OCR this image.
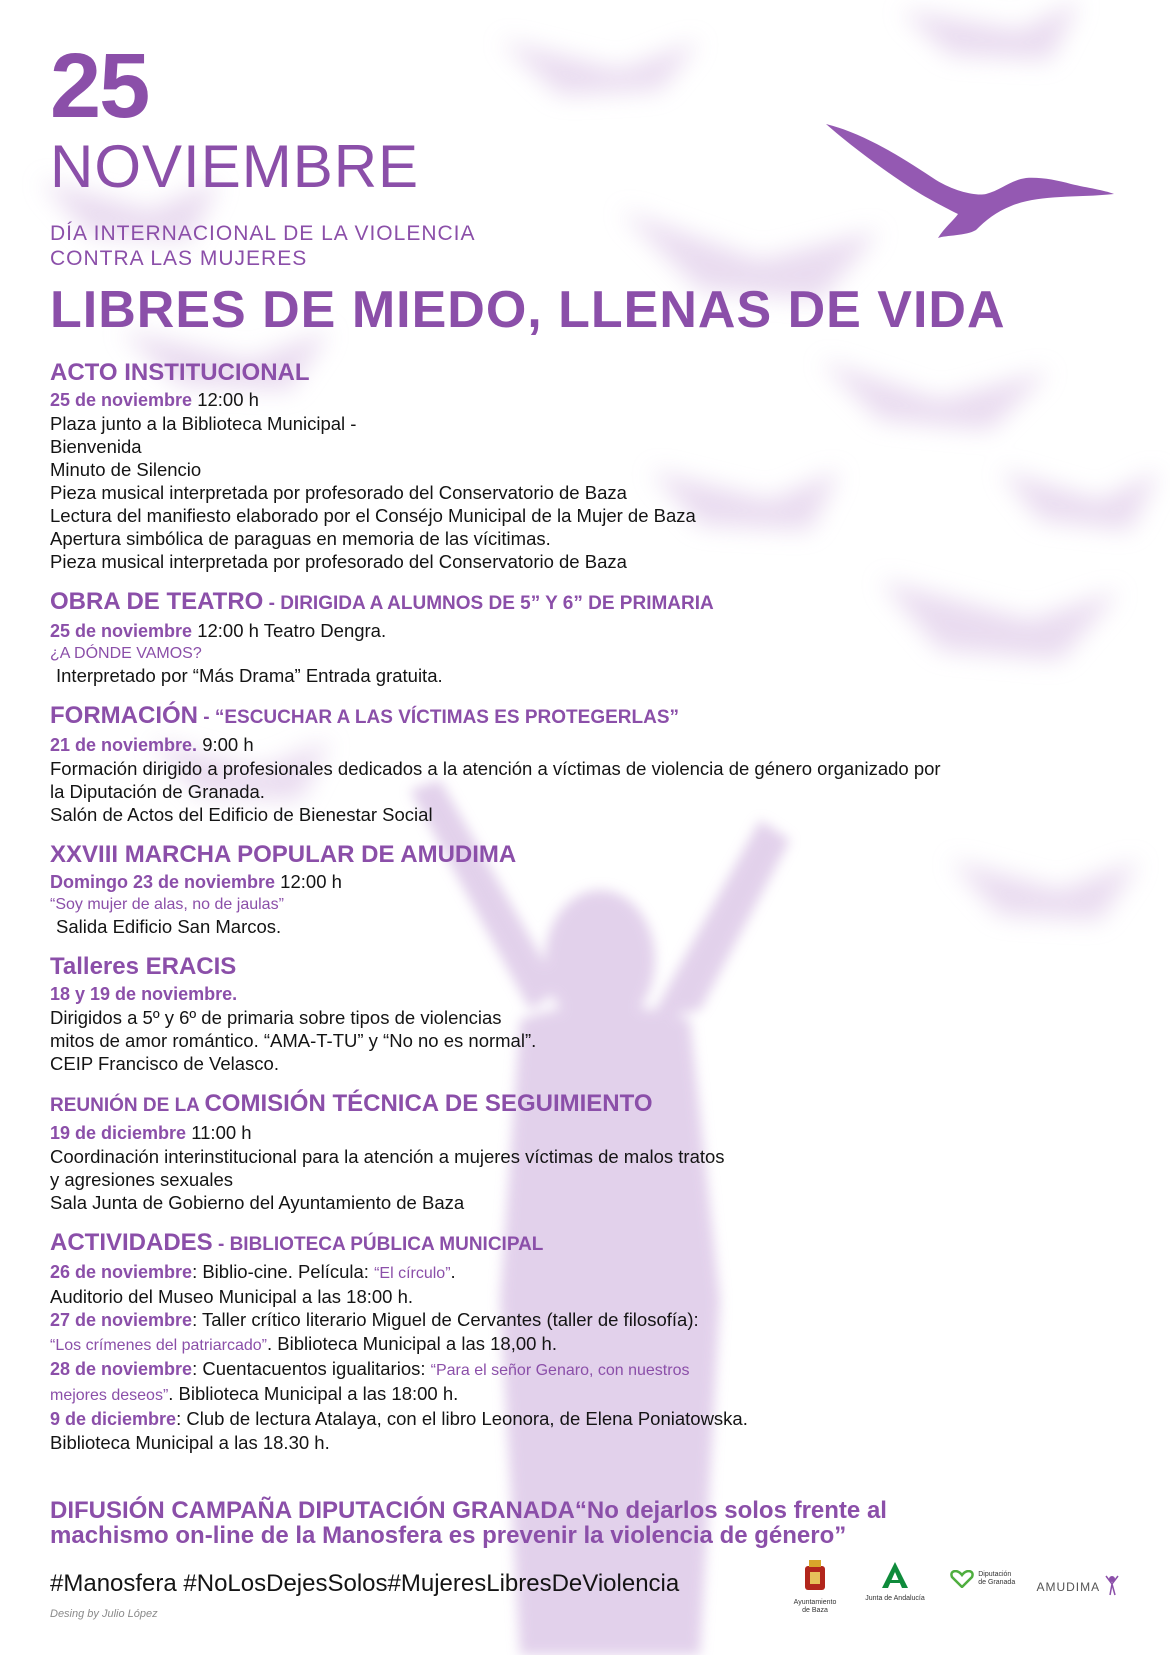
25
NOVIEMBRE
DÍA INTERNACIONAL DE LA VIOLENCIA
CONTRA LAS MUJERES
LIBRES DE MIEDO, LLENAS DE VIDA
ACTO INSTITUCIONAL
25 de noviembre 12:00 h
Plaza junto a la Biblioteca Municipal -
Bienvenida
Minuto de Silencio
Pieza musical interpretada por profesorado del Conservatorio de Baza
Lectura del manifiesto elaborado por el Conséjo Municipal de la Mujer de Baza
Apertura simbólica de paraguas en memoria de las vícitimas.
Pieza musical interpretada por profesorado del Conservatorio de Baza
OBRA DE TEATRO - DIRIGIDA A ALUMNOS DE 5” Y 6” DE PRIMARIA
25 de noviembre 12:00 h Teatro Dengra.
¿A DÓNDE VAMOS?
Interpretado por “Más Drama” Entrada gratuita.
FORMACIÓN - “ESCUCHAR A LAS VÍCTIMAS ES PROTEGERLAS”
21 de noviembre. 9:00 h
Formación dirigido a profesionales dedicados a la atención a víctimas de violencia de género organizado por
la Diputación de Granada.
Salón de Actos del Edificio de Bienestar Social
XXVIII MARCHA POPULAR DE AMUDIMA
Domingo 23 de noviembre 12:00 h
“Soy mujer de alas, no de jaulas”
Salida Edificio San Marcos.
Talleres ERACIS
18 y 19 de noviembre.
Dirigidos a 5º y 6º de primaria sobre tipos de violencias
mitos de amor romántico. “AMA-T-TU” y “No no es normal”.
CEIP Francisco de Velasco.
REUNIÓN DE LA COMISIÓN TÉCNICA DE SEGUIMIENTO
19 de diciembre 11:00 h
Coordinación interinstitucional para la atención a mujeres víctimas de malos tratos
y agresiones sexuales
Sala Junta de Gobierno del Ayuntamiento de Baza
ACTIVIDADES - BIBLIOTECA PÚBLICA MUNICIPAL
26 de noviembre: Biblio-cine. Película: “El círculo”.
Auditorio del Museo Municipal a las 18:00 h.
27 de noviembre: Taller crítico literario Miguel de Cervantes (taller de filosofía):
“Los crímenes del patriarcado”. Biblioteca Municipal a las 18,00 h.
28 de noviembre: Cuentacuentos igualitarios: “Para el señor Genaro, con nuestros
mejores deseos”. Biblioteca Municipal a las 18:00 h.
9 de diciembre: Club de lectura Atalaya, con el libro Leonora, de Elena Poniatowska.
Biblioteca Municipal a las 18.30 h.
DIFUSIÓN CAMPAÑA DIPUTACIÓN GRANADA“No dejarlos solos frente al
machismo on-line de la Manosfera es prevenir la violencia de género”
#Manosfera #NoLosDejesSolos#MujeresLibresDeViolencia
Desing by Julio López
Ayuntamiento
de Baza
Junta de Andalucía
Diputación
de Granada	AMUDIMA
